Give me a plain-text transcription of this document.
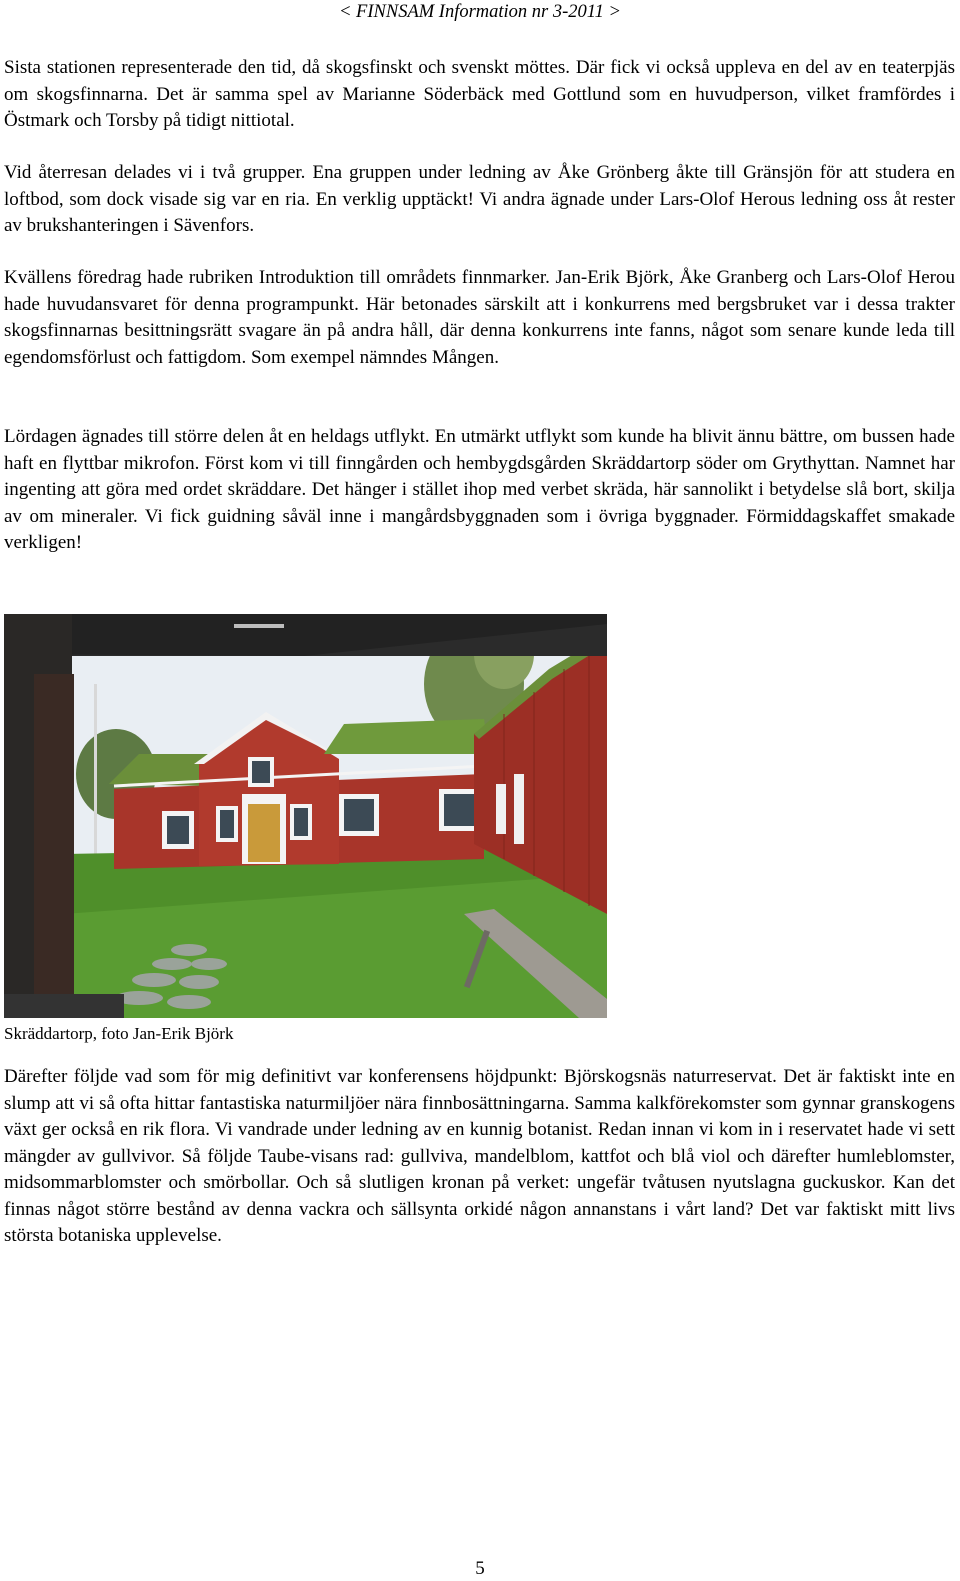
< FINNSAM Information nr 3-2011 >

Sista stationen representerade den tid, då skogsfinskt och svenskt möttes. Där fick vi också uppleva en del av en teaterpjäs om skogsfinnarna. Det är samma spel av Marianne Söderbäck med Gottlund som en huvudperson, vilket framfördes i Östmark och Torsby på tidigt nittiotal.

Vid återresan delades vi i två grupper. Ena gruppen under ledning av Åke Grönberg åkte till Gränsjön för att studera en loftbod, som dock visade sig var en ria. En verklig upptäckt! Vi andra ägnade under Lars-Olof Herous ledning oss åt rester av brukshanteringen i Sävenfors.

Kvällens föredrag hade rubriken Introduktion till områdets finnmarker. Jan-Erik Björk, Åke Granberg och Lars-Olof Herou hade huvudansvaret för denna programpunkt. Här betonades särskilt att i konkurrens med bergsbruket var i dessa trakter skogsfinnarnas besittningsrätt svagare än på andra håll, där denna konkurrens inte fanns, något som senare kunde leda till egendomsförlust och fattigdom. Som exempel nämndes Mången.

Lördagen ägnades till större delen åt en heldags utflykt. En utmärkt utflykt som kunde ha blivit ännu bättre, om bussen hade haft en flyttbar mikrofon. Först kom vi till finngården och hembygdsgården Skräddartorp söder om Grythyttan. Namnet har ingenting att göra med ordet skräddare. Det hänger i stället ihop med verbet skräda, här sannolikt i betydelse slå bort, skilja av om mineraler. Vi fick guidning såväl inne i mangårdsbyggnaden som i övriga byggnader. Förmiddagskaffet smakade verkligen!

Skräddartorp, foto Jan-Erik Björk

Därefter följde vad som för mig definitivt var konferensens höjdpunkt: Björskogsnäs naturreservat. Det är faktiskt inte en slump att vi så ofta hittar fantastiska naturmiljöer nära finnbosättningarna. Samma kalkförekomster som gynnar granskogens växt ger också en rik flora. Vi vandrade under ledning av en kunnig botanist. Redan innan vi kom in i reservatet hade vi sett mängder av gullvivor. Så följde Taube-visans rad: gullviva, mandelblom, kattfot och blå viol och därefter humleblomster, midsommarblomster och smörbollar. Och så slutligen kronan på verket: ungefär tvåtusen nyutslagna guckuskor. Kan det finnas något större bestånd av denna vackra och sällsynta orkidé någon annanstans i vårt land? Det var faktiskt mitt livs största botaniska upplevelse.

5
